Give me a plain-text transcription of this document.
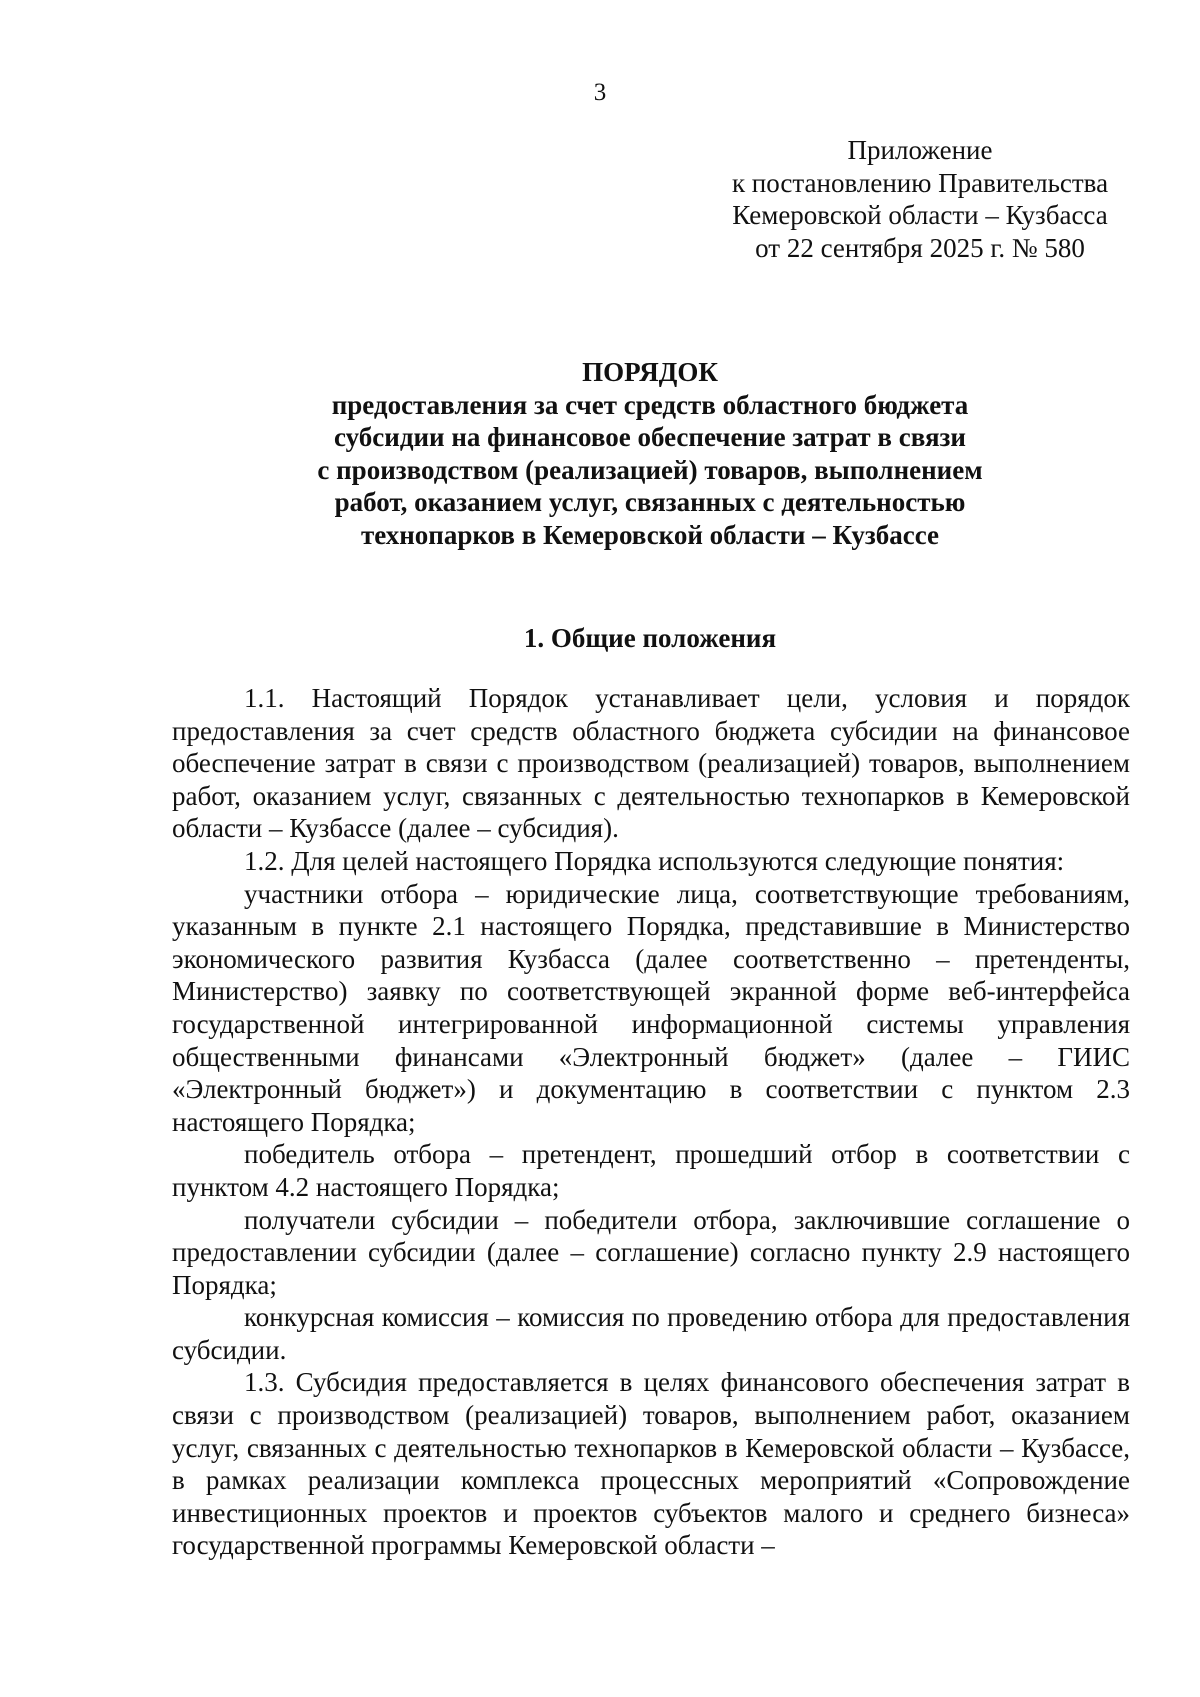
3
Приложение
к постановлению Правительства
Кемеровской области – Кузбасса
от 22 сентября 2025 г. № 580
ПОРЯДОК
предоставления за счет средств областного бюджета
субсидии на финансовое обеспечение затрат в связи
с производством (реализацией) товаров, выполнением
работ, оказанием услуг, связанных с деятельностью
технопарков в Кемеровской области – Кузбассе
1. Общие положения

1.1. Настоящий Порядок устанавливает цели, условия и порядок предоставления за счет средств областного бюджета субсидии на финансовое обеспечение затрат в связи с производством (реализацией) товаров, выполнением работ, оказанием услуг, связанных с деятельностью технопарков в Кемеровской области – Кузбассе (далее – субсидия).

1.2. Для целей настоящего Порядка используются следующие понятия:

участники отбора – юридические лица, соответствующие требованиям, указанным в пункте 2.1 настоящего Порядка, представившие в Министерство экономического развития Кузбасса (далее соответственно – претенденты, Министерство) заявку по соответствующей экранной форме веб-интерфейса государственной интегрированной информационной системы управления общественными финансами «Электронный бюджет» (далее – ГИИС «Электронный бюджет») и документацию в соответствии с пунктом 2.3 настоящего Порядка;

победитель отбора – претендент, прошедший отбор в соответствии с пунктом 4.2 настоящего Порядка;

получатели субсидии – победители отбора, заключившие соглашение о предоставлении субсидии (далее – соглашение) согласно пункту 2.9 настоящего Порядка;

конкурсная комиссия – комиссия по проведению отбора для предоставления субсидии.

1.3. Субсидия предоставляется в целях финансового обеспечения затрат в связи с производством (реализацией) товаров, выполнением работ, оказанием услуг, связанных с деятельностью технопарков в Кемеровской области – Кузбассе, в рамках реализации комплекса процессных мероприятий «Сопровождение инвестиционных проектов и проектов субъектов малого и среднего бизнеса» государственной программы Кемеровской области –
